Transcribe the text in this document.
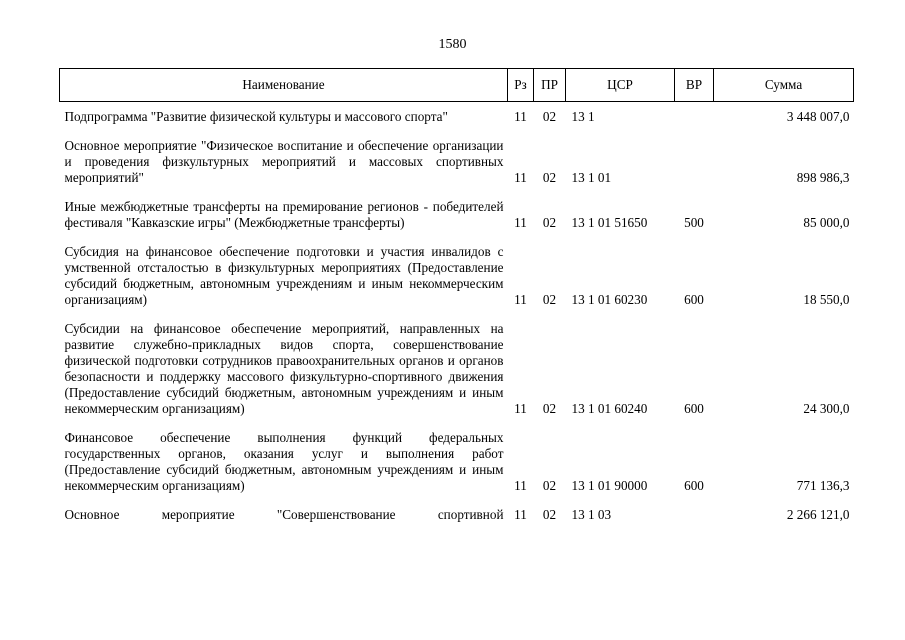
1580
Наименование	Рз	ПР	ЦСР	ВР	Сумма
Подпрограмма "Развитие физической культуры и массового спорта"	11	02	13 1		3 448 007,0
Основное мероприятие "Физическое воспитание и обеспечение организации и проведения физкультурных мероприятий и массовых спортивных мероприятий"	11	02	13 1 01		898 986,3
Иные межбюджетные трансферты на премирование регионов - победителей фестиваля "Кавказские игры" (Межбюджетные трансферты)	11	02	13 1 01 51650	500	85 000,0
Субсидия на финансовое обеспечение подготовки и участия инвалидов с умственной отсталостью в физкультурных мероприятиях (Предоставление субсидий бюджетным, автономным учреждениям и иным некоммерческим организациям)	11	02	13 1 01 60230	600	18 550,0
Субсидии на финансовое обеспечение мероприятий, направленных на развитие служебно-прикладных видов спорта, совершенствование физической подготовки сотрудников правоохранительных органов и органов безопасности и поддержку массового физкультурно-спортивного движения (Предоставление субсидий бюджетным, автономным учреждениям и иным некоммерческим организациям)	11	02	13 1 01 60240	600	24 300,0
Финансовое обеспечение выполнения функций федеральных государственных органов, оказания услуг и выполнения работ (Предоставление субсидий бюджетным, автономным учреждениям и иным некоммерческим организациям)	11	02	13 1 01 90000	600	771 136,3
Основное мероприятие "Совершенствование спортивной	11	02	13 1 03		2 266 121,0
